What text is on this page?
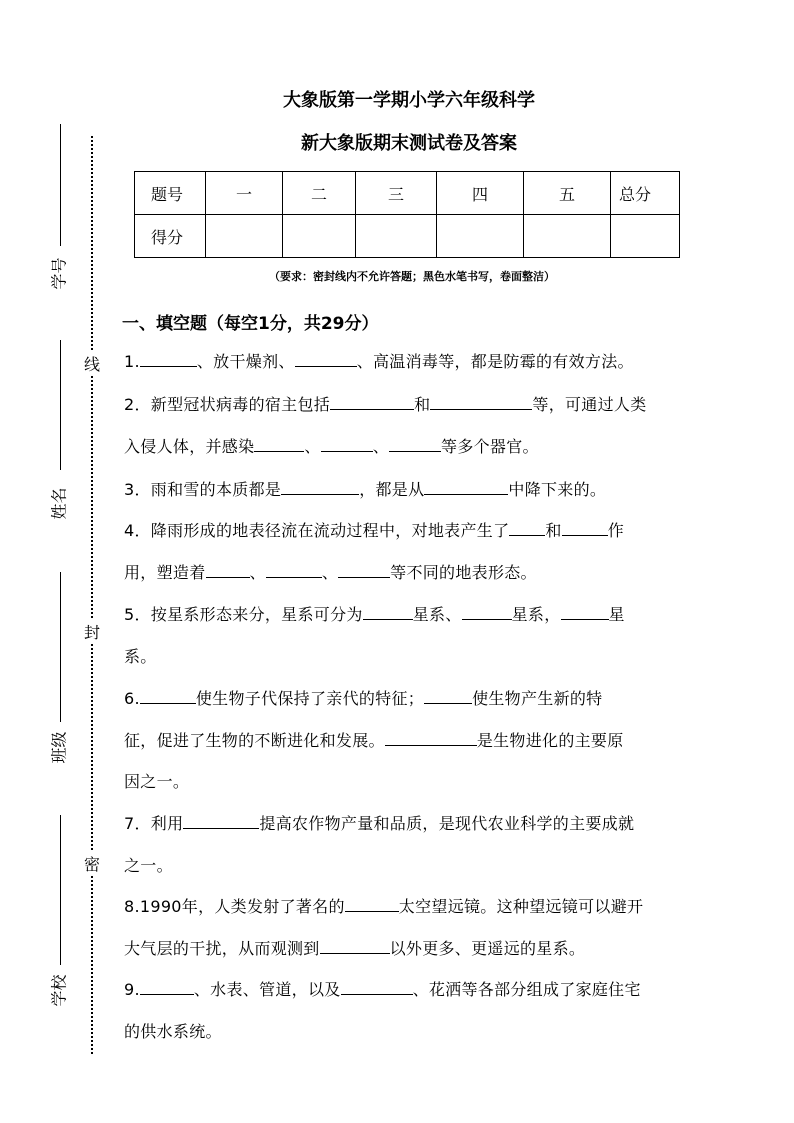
线
封
密
学号
姓名
班级
学校
大象版第一学期小学六年级科学
新大象版期末测试卷及答案
题号	一	二	三	四	五	总分
得分						
（要求：密封线内不允许答题；黑色水笔书写，卷面整洁）
一、填空题（每空1分，共29分）
1.	、放干燥剂、	、高温消毒等，都是防霉的有效方法。
2．新型冠状病毒的宿主包括	和	等，可通过人类
入侵人体，并感染	、	、	等多个器官。
3．雨和雪的本质都是	，都是从	中降下来的。
4．降雨形成的地表径流在流动过程中，对地表产生了 和	作
用，塑造着	、	、	等不同的地表形态。
5．按星系形态来分，星系可分为	星系、	星系，	星
系。
6.	使生物子代保持了亲代的特征；	使生物产生新的特
征，促进了生物的不断进化和发展。	是生物进化的主要原
因之一。
7．利用	提高农作物产量和品质，是现代农业科学的主要成就
之一。
8.1990年，人类发射了著名的	太空望远镜。这种望远镜可以避开
大气层的干扰，从而观测到	以外更多、更遥远的星系。
9.	、水表、管道，以及	、花洒等各部分组成了家庭住宅
的供水系统。
